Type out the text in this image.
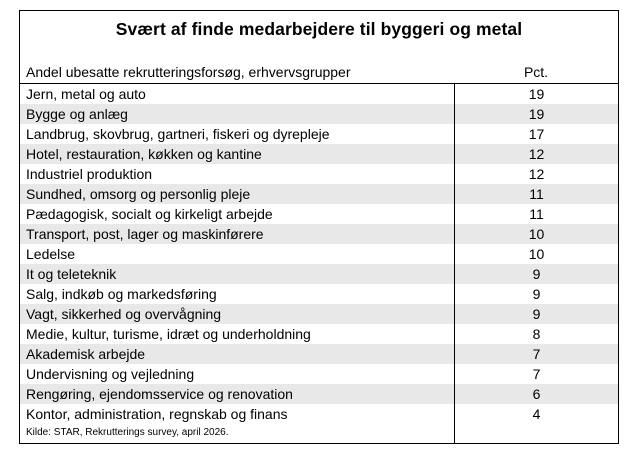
Svært af finde medarbejdere til byggeri og metal
Andel ubesatte rekrutteringsforsøg, erhvervsgrupper	Pct.
Jern, metal og auto	19
Bygge og anlæg	19
Landbrug, skovbrug, gartneri, fiskeri og dyrepleje	17
Hotel, restauration, køkken og kantine	12
Industriel produktion	12
Sundhed, omsorg og personlig pleje	11
Pædagogisk, socialt og kirkeligt arbejde	11
Transport, post, lager og maskinførere	10
Ledelse	10
It og teleteknik	9
Salg, indkøb og markedsføring	9
Vagt, sikkerhed og overvågning	9
Medie, kultur, turisme, idræt og underholdning	8
Akademisk arbejde	7
Undervisning og vejledning	7
Rengøring, ejendomsservice og renovation	6
Kontor, administration, regnskab og finans	4
Kilde: STAR, Rekrutterings survey, april 2026.
